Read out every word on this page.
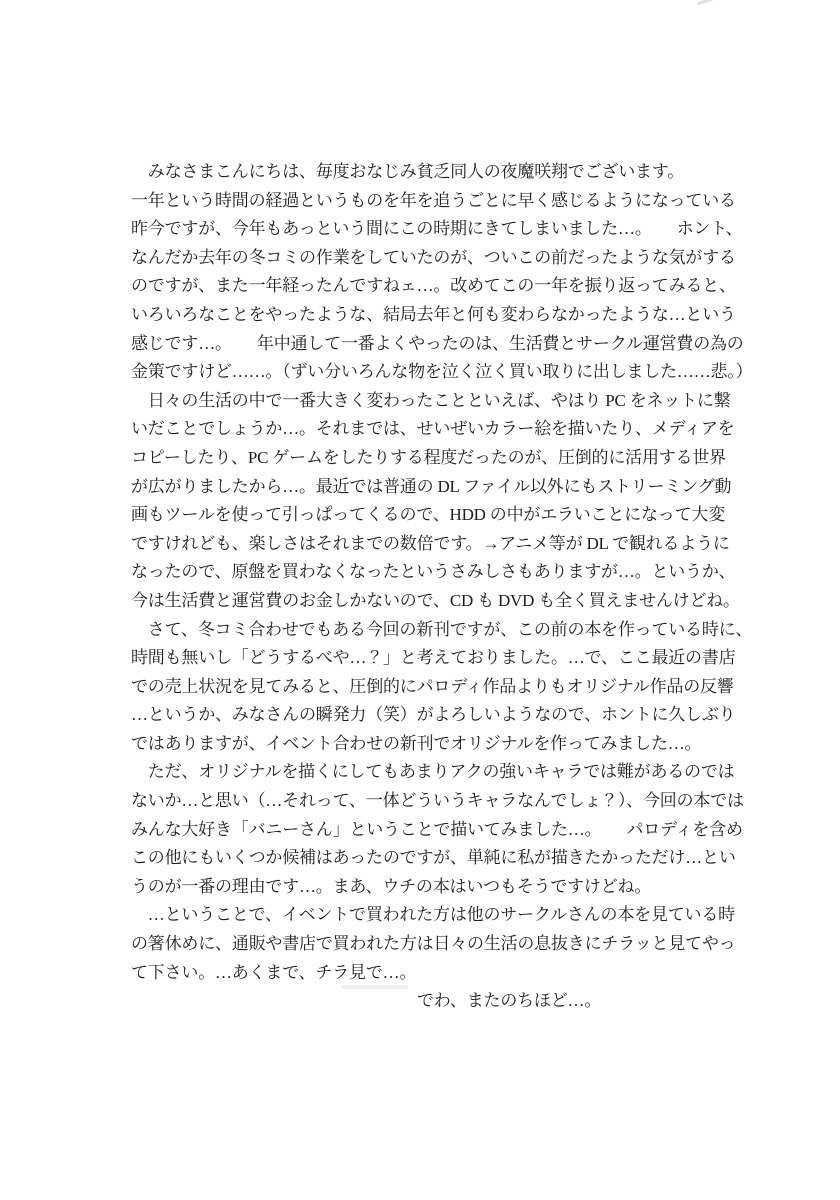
　みなさまこんにちは、毎度おなじみ貧乏同人の夜魔咲翔でございます。
一年という時間の経過というものを年を追うごとに早く感じるようになっている
昨今ですが、今年もあっという間にこの時期にきてしまいました…。　　ホント、
なんだか去年の冬コミの作業をしていたのが、ついこの前だったような気がする
のですが、また一年経ったんですねェ…。改めてこの一年を振り返ってみると、
いろいろなことをやったような、結局去年と何も変わらなかったような…という
感じです…。　　年中通して一番よくやったのは、生活費とサークル運営費の為の
金策ですけど……。（ずい分いろんな物を泣く泣く買い取りに出しました……悲。）
　日々の生活の中で一番大きく変わったことといえば、やはり PC をネットに繋
いだことでしょうか…。それまでは、せいぜいカラー絵を描いたり、メディアを
コピーしたり、PC ゲームをしたりする程度だったのが、圧倒的に活用する世界
が広がりましたから…。最近では普通の DL ファイル以外にもストリーミング動
画もツールを使って引っぱってくるので、HDD の中がエラいことになって大変
ですけれども、楽しさはそれまでの数倍です。→アニメ等が DL で観れるように
なったので、原盤を買わなくなったというさみしさもありますが…。というか、
今は生活費と運営費のお金しかないので、CD も DVD も全く買えませんけどね。
　さて、冬コミ合わせでもある今回の新刊ですが、この前の本を作っている時に、
時間も無いし「どうするべや…？」と考えておりました。…で、ここ最近の書店
での売上状況を見てみると、圧倒的にパロディ作品よりもオリジナル作品の反響
…というか、みなさんの瞬発力（笑）がよろしいようなので、ホントに久しぶり
ではありますが、イベント合わせの新刊でオリジナルを作ってみました…。
　ただ、オリジナルを描くにしてもあまりアクの強いキャラでは難があるのでは
ないか…と思い（…それって、一体どういうキャラなんでしょ？）、今回の本では
みんな大好き「バニーさん」ということで描いてみました…。　　パロディを含め
この他にもいくつか候補はあったのですが、単純に私が描きたかっただけ…とい
うのが一番の理由です…。まあ、ウチの本はいつもそうですけどね。
　…ということで、イベントで買われた方は他のサークルさんの本を見ている時
の箸休めに、通販や書店で買われた方は日々の生活の息抜きにチラッと見てやっ
て下さい。…あくまで、チラ見で…。
でわ、またのちほど…。
